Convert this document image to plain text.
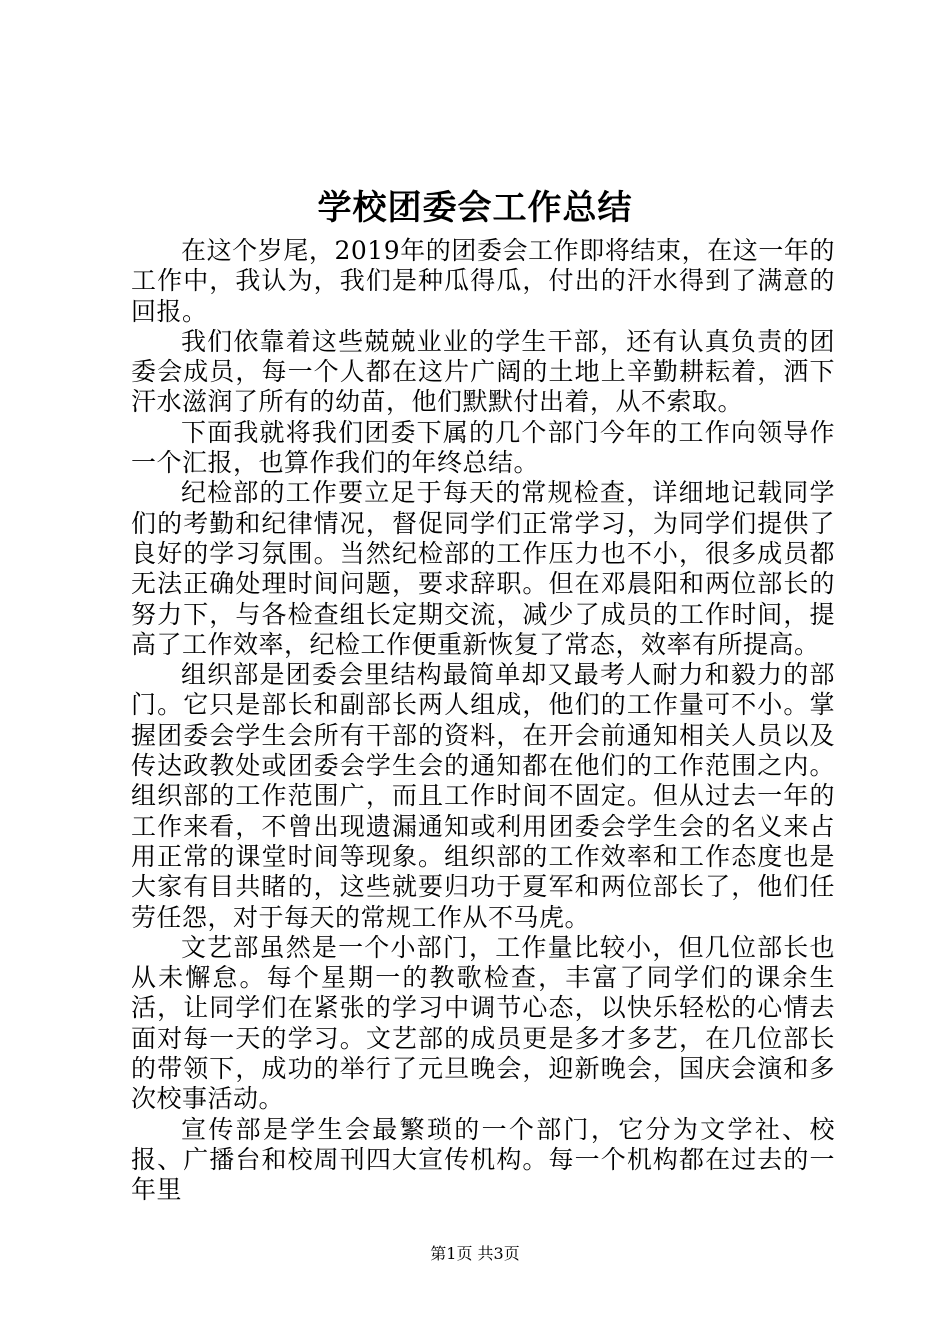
学校团委会工作总结

在这个岁尾，2019年的团委会工作即将结束，在这一年的工作中，我认为，我们是种瓜得瓜，付出的汗水得到了满意的回报。

我们依靠着这些兢兢业业的学生干部，还有认真负责的团委会成员，每一个人都在这片广阔的土地上辛勤耕耘着，洒下汗水滋润了所有的幼苗，他们默默付出着，从不索取。

下面我就将我们团委下属的几个部门今年的工作向领导作一个汇报，也算作我们的年终总结。

纪检部的工作要立足于每天的常规检查，详细地记载同学们的考勤和纪律情况，督促同学们正常学习，为同学们提供了良好的学习氛围。当然纪检部的工作压力也不小，很多成员都无法正确处理时间问题，要求辞职。但在邓晨阳和两位部长的努力下，与各检查组长定期交流，减少了成员的工作时间，提高了工作效率，纪检工作便重新恢复了常态，效率有所提高。

组织部是团委会里结构最简单却又最考人耐力和毅力的部门。它只是部长和副部长两人组成，他们的工作量可不小。掌握团委会学生会所有干部的资料，在开会前通知相关人员以及传达政教处或团委会学生会的通知都在他们的工作范围之内。组织部的工作范围广，而且工作时间不固定。但从过去一年的工作来看，不曾出现遗漏通知或利用团委会学生会的名义来占用正常的课堂时间等现象。组织部的工作效率和工作态度也是大家有目共睹的，这些就要归功于夏军和两位部长了，他们任劳任怨，对于每天的常规工作从不马虎。

文艺部虽然是一个小部门，工作量比较小，但几位部长也从未懈怠。每个星期一的教歌检查，丰富了同学们的课余生活，让同学们在紧张的学习中调节心态，以快乐轻松的心情去面对每一天的学习。文艺部的成员更是多才多艺，在几位部长的带领下，成功的举行了元旦晚会，迎新晚会，国庆会演和多次校事活动。

宣传部是学生会最繁琐的一个部门，它分为文学社、校报、广播台和校周刊四大宣传机构。每一个机构都在过去的一年里

第1页 共3页
